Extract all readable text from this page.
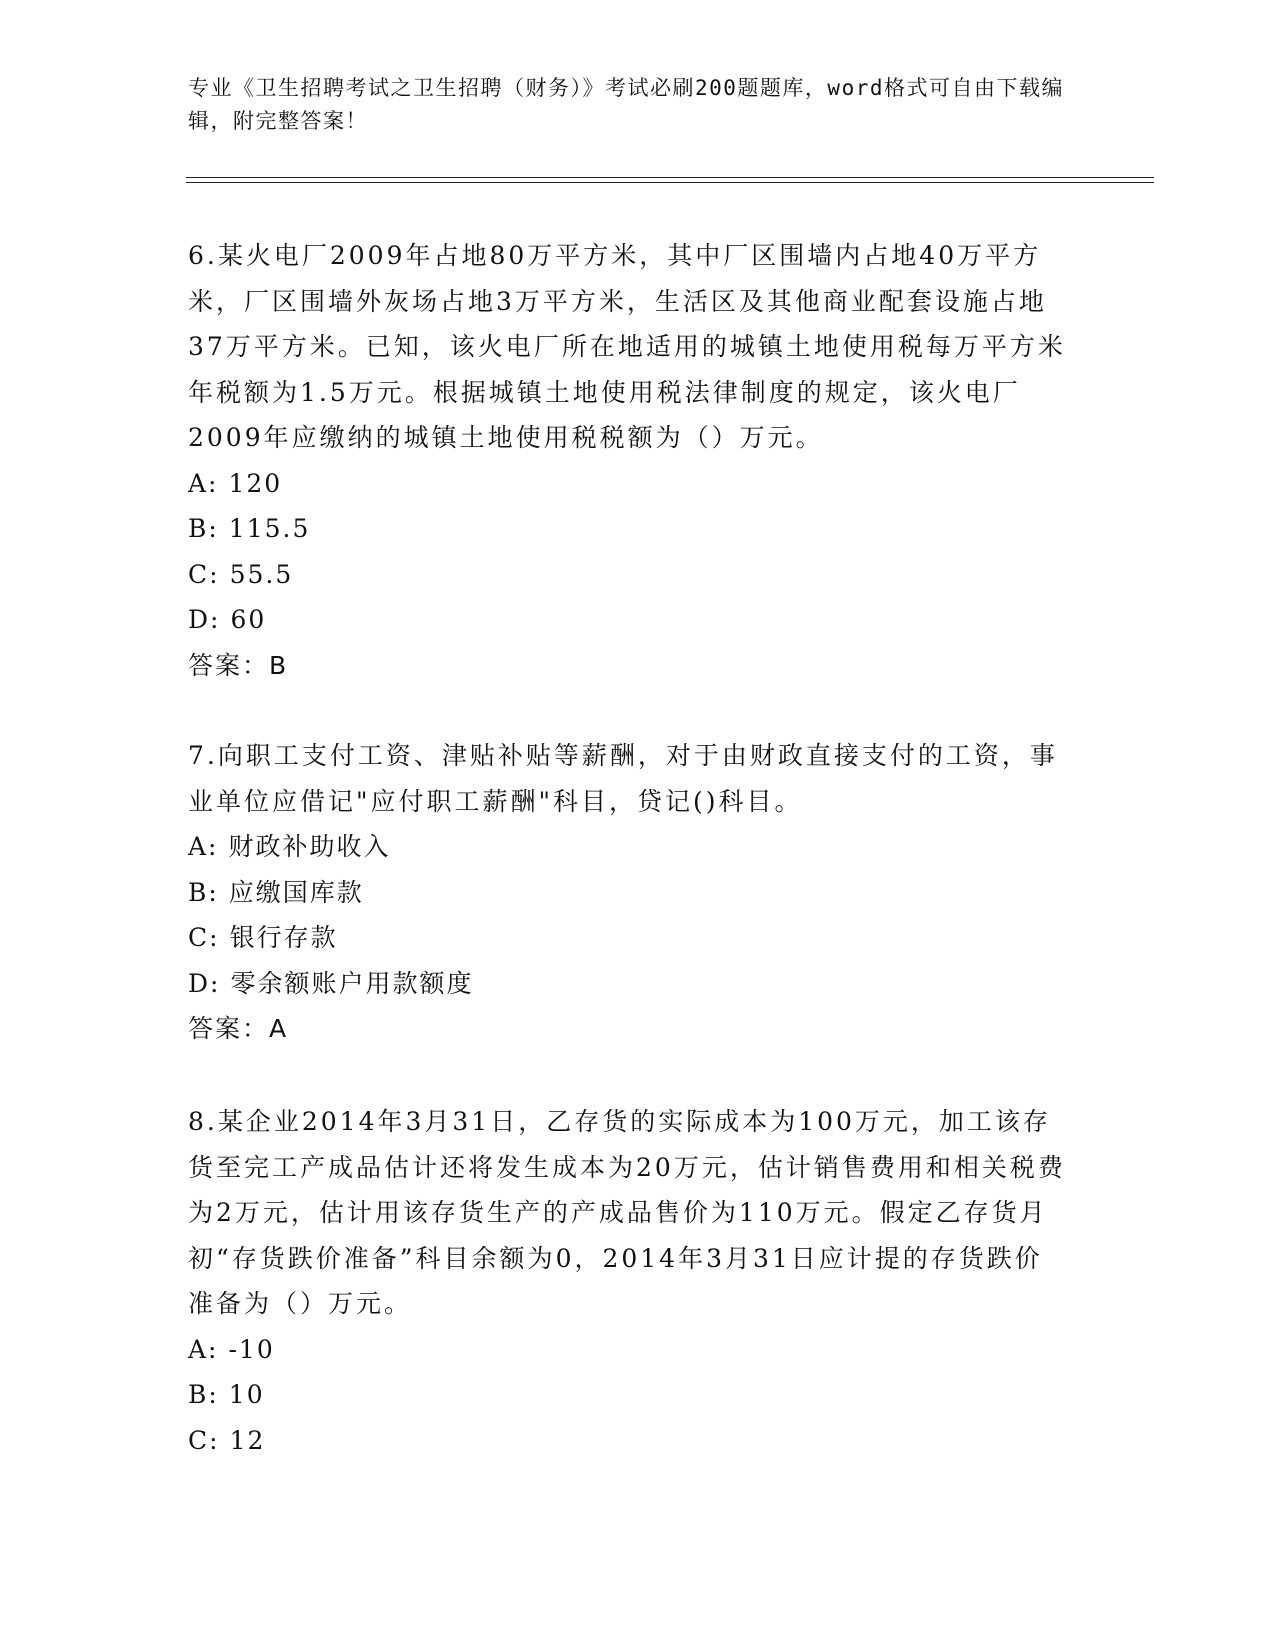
专业《卫生招聘考试之卫生招聘（财务）》考试必刷200题题库，word格式可自由下载编辑，附完整答案！

6.某火电厂2009年占地80万平方米，其中厂区围墙内占地40万平方米，厂区围墙外灰场占地3万平方米，生活区及其他商业配套设施占地37万平方米。已知，该火电厂所在地适用的城镇土地使用税每万平方米年税额为1.5万元。根据城镇土地使用税法律制度的规定，该火电厂2009年应缴纳的城镇土地使用税税额为（）万元。

A: 120

B: 115.5

C: 55.5

D: 60

答案：B

7.向职工支付工资、津贴补贴等薪酬，对于由财政直接支付的工资，事业单位应借记"应付职工薪酬"科目，贷记()科目。

A: 财政补助收入

B: 应缴国库款

C: 银行存款

D: 零余额账户用款额度

答案：A

8.某企业2014年3月31日，乙存货的实际成本为100万元，加工该存货至完工产成品估计还将发生成本为20万元，估计销售费用和相关税费为2万元，估计用该存货生产的产成品售价为110万元。假定乙存货月初“存货跌价准备”科目余额为0，2014年3月31日应计提的存货跌价准备为（）万元。

A: -10

B: 10

C: 12
